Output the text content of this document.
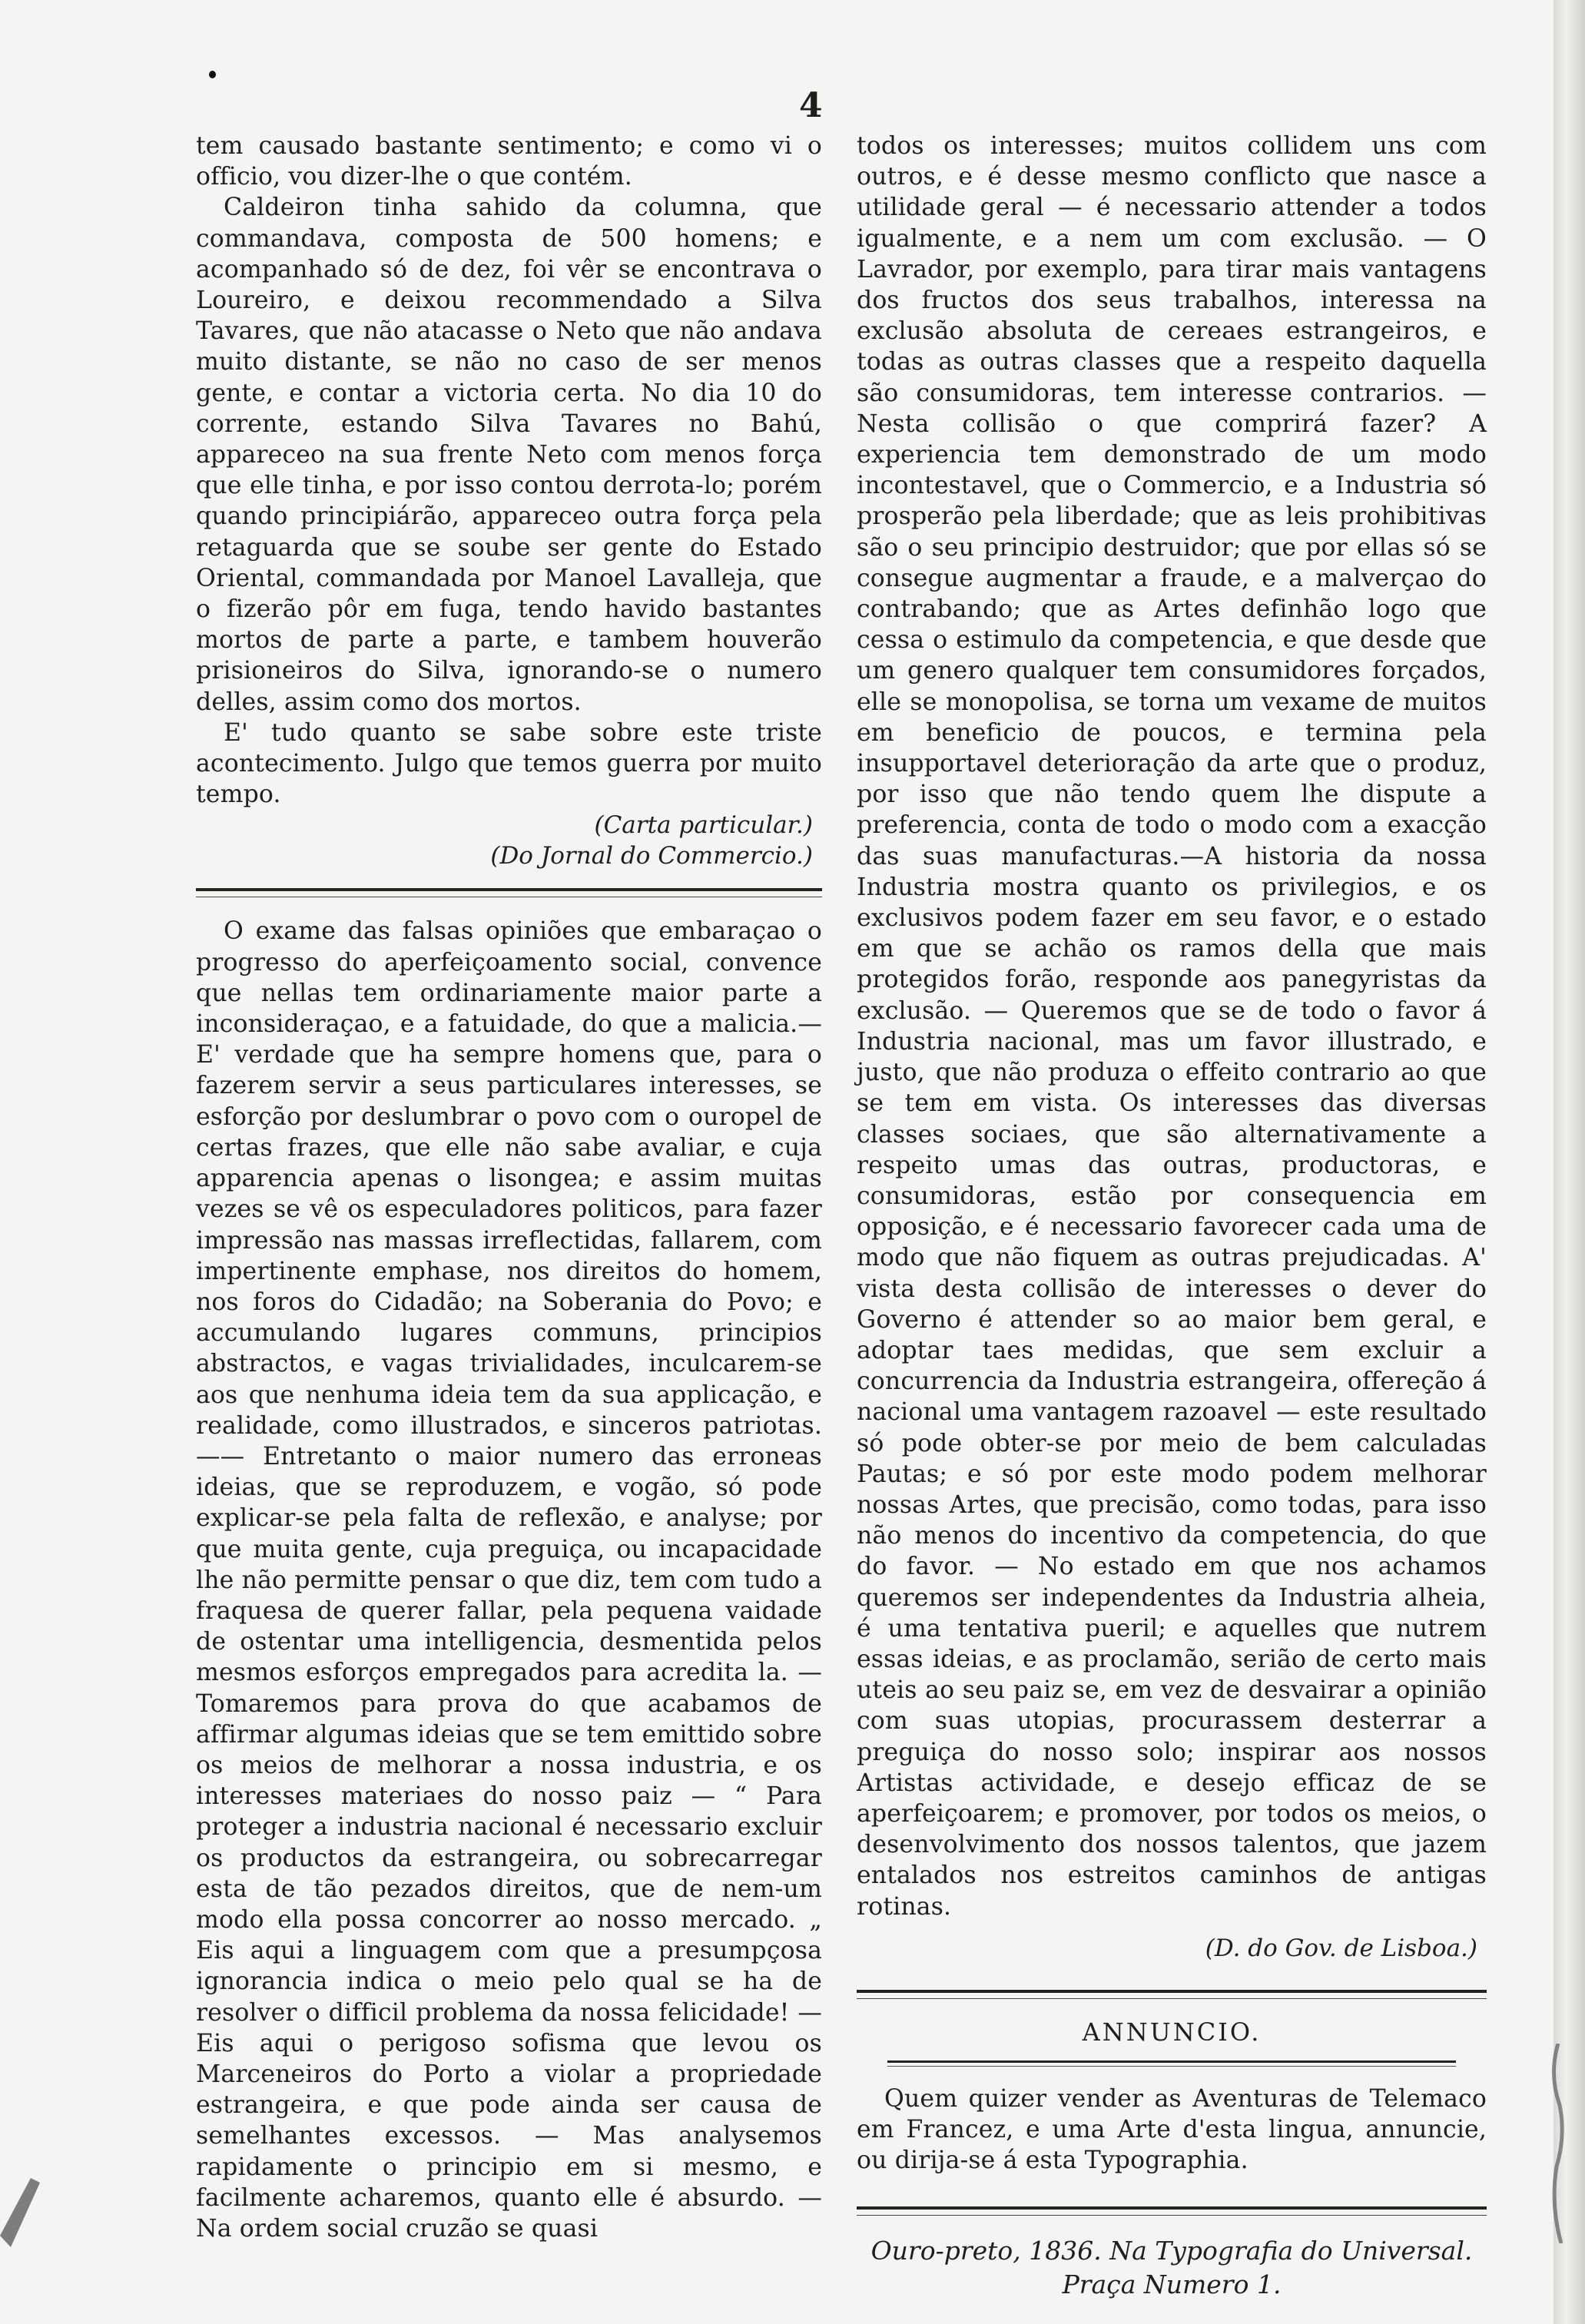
4

tem causado bastante sentimento; e como vi o officio, vou dizer-lhe o que contém.

Caldeiron tinha sahido da columna, que commandava, composta de 500 homens; e acompanhado só de dez, foi vêr se encontrava o Loureiro, e deixou recommendado a Silva Tavares, que não atacasse o Neto que não andava muito distante, se não no caso de ser menos gente, e contar a victoria certa. No dia 10 do corrente, estando Silva Tavares no Bahú, appareceo na sua frente Neto com menos força que elle tinha, e por isso contou derrota-lo; porém quando principiárão, appareceo outra força pela retaguarda que se soube ser gente do Estado Oriental, commandada por Manoel Lavalleja, que o fizerão pôr em fuga, tendo havido bastantes mortos de parte a parte, e tambem houverão prisioneiros do Silva, ignorando-se o numero delles, assim como dos mortos.

E' tudo quanto se sabe sobre este triste acontecimento. Julgo que temos guerra por muito tempo.

(Carta particular.)

(Do Jornal do Commercio.)

O exame das falsas opiniões que embaraçao o progresso do aperfeiçoamento social, convence que nellas tem ordinariamente maior parte a inconsideraçao, e a fatuidade, do que a malicia.— E' verdade que ha sempre homens que, para o fazerem servir a seus particulares interesses, se esforção por deslumbrar o povo com o ouropel de certas frazes, que elle não sabe avaliar, e cuja apparencia apenas o lisongea; e assim muitas vezes se vê os especuladores politicos, para fazer impressão nas massas irreflectidas, fallarem, com impertinente emphase, nos direitos do homem, nos foros do Cidadão; na Soberania do Povo; e accumulando lugares communs, principios abstractos, e vagas trivialidades, inculcarem-se aos que nenhuma ideia tem da sua applicação, e realidade, como illustrados, e sinceros patriotas. —— Entretanto o maior numero das erroneas ideias, que se reproduzem, e vogão, só pode explicar-se pela falta de reflexão, e analyse; por que muita gente, cuja preguiça, ou incapacidade lhe não permitte pensar o que diz, tem com tudo a fraquesa de querer fallar, pela pequena vaidade de ostentar uma intelligencia, desmentida pelos mesmos esforços empregados para acredita la. — Tomaremos para prova do que acabamos de affirmar algumas ideias que se tem emittido sobre os meios de melhorar a nossa industria, e os interesses materiaes do nosso paiz — “ Para proteger a industria nacional é necessario excluir os productos da estrangeira, ou sobrecarregar esta de tão pezados direitos, que de nem-um modo ella possa concorrer ao nosso mercado. „ Eis aqui a linguagem com que a presumpçosa ignorancia indica o meio pelo qual se ha de resolver o difficil problema da nossa felicidade! — Eis aqui o perigoso sofisma que levou os Marceneiros do Porto a violar a propriedade estrangeira, e que pode ainda ser causa de semelhantes excessos. — Mas analysemos rapidamente o principio em si mesmo, e facilmente acharemos, quanto elle é absurdo. — Na ordem social cruzão se quasi

todos os interesses; muitos collidem uns com outros, e é desse mesmo conflicto que nasce a utilidade geral — é necessario attender a todos igualmente, e a nem um com exclusão. — O Lavrador, por exemplo, para tirar mais vantagens dos fructos dos seus trabalhos, interessa na exclusão absoluta de cereaes estrangeiros, e todas as outras classes que a respeito daquella são consumidoras, tem interesse contrarios. —Nesta collisão o que comprirá fazer? A experiencia tem demonstrado de um modo incontestavel, que o Commercio, e a Industria só prosperão pela liberdade; que as leis prohibitivas são o seu principio destruidor; que por ellas só se consegue augmentar a fraude, e a malverçao do contrabando; que as Artes definhão logo que cessa o estimulo da competencia, e que desde que um genero qualquer tem consumidores forçados, elle se monopolisa, se torna um vexame de muitos em beneficio de poucos, e termina pela insupportavel deterioração da arte que o produz, por isso que não tendo quem lhe dispute a preferencia, conta de todo o modo com a exacção das suas manufacturas.—A historia da nossa Industria mostra quanto os privilegios, e os exclusivos podem fazer em seu favor, e o estado em que se achão os ramos della que mais protegidos forão, responde aos panegyristas da exclusão. — Queremos que se de todo o favor á Industria nacional, mas um favor illustrado, e justo, que não produza o effeito contrario ao que se tem em vista. Os interesses das diversas classes sociaes, que são alternativamente a respeito umas das outras, productoras, e consumidoras, estão por consequencia em opposição, e é necessario favorecer cada uma de modo que não fiquem as outras prejudicadas. A' vista desta collisão de interesses o dever do Governo é attender so ao maior bem geral, e adoptar taes medidas, que sem excluir a concurrencia da Industria estrangeira, offereção á nacional uma vantagem razoavel — este resultado só pode obter-se por meio de bem calculadas Pautas; e só por este modo podem melhorar nossas Artes, que precisão, como todas, para isso não menos do incentivo da competencia, do que do favor. — No estado em que nos achamos queremos ser independentes da Industria alheia, é uma tentativa pueril; e aquelles que nutrem essas ideias, e as proclamão, serião de certo mais uteis ao seu paiz se, em vez de desvairar a opinião com suas utopias, procurassem desterrar a preguiça do nosso solo; inspirar aos nossos Artistas actividade, e desejo efficaz de se aperfeiçoarem; e promover, por todos os meios, o desenvolvimento dos nossos talentos, que jazem entalados nos estreitos caminhos de antigas rotinas.

(D. do Gov. de Lisboa.)

ANNUNCIO.

Quem quizer vender as Aventuras de Telemaco em Francez, e uma Arte d'esta lingua, annuncie, ou dirija-se á esta Typographia.

Ouro-preto, 1836. Na Typografia do Universal. Praça Numero 1.
